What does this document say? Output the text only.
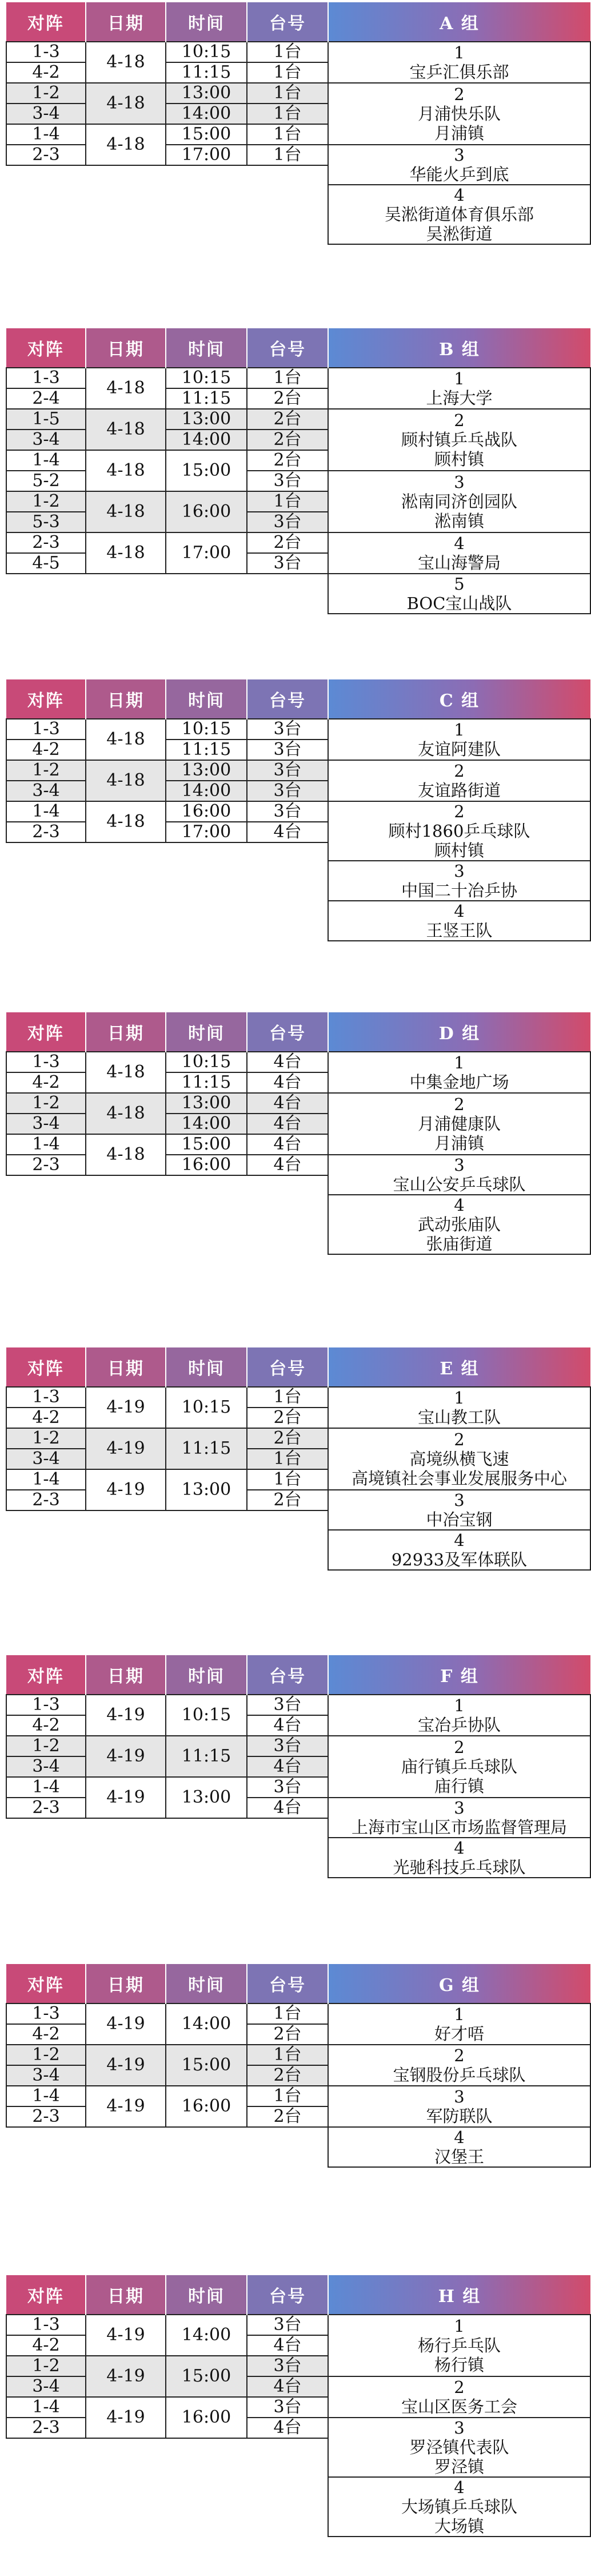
对阵	日期	时间	台号	A 组
1-3	4-18	10:15	1台	1
宝乒汇俱乐部

4-2		11:15	1台	
1-2	4-18	13:00	1台	2
月浦快乐队
月浦镇

3-4		14:00	1台	
1-4	4-18	15:00	1台	
2-3		17:00	1台	3
华能火乒到底

				4
吴淞街道体育俱乐部
吴淞街道

对阵	日期	时间	台号	B 组
1-3	4-18	10:15	1台	1
上海大学

2-4		11:15	2台	
1-5	4-18	13:00	2台	2
顾村镇乒乓战队
顾村镇

3-4		14:00	2台	
1-4	4-18	15:00	2台	
5-2			3台	3
淞南同济创园队
淞南镇

1-2	4-18	16:00	1台	
5-3			3台	
2-3	4-18	17:00	2台	4
宝山海警局

4-5			3台	

				5
BOC宝山战队

对阵	日期	时间	台号	C 组
1-3	4-18	10:15	3台	1
友谊阿建队

4-2		11:15	3台	
1-2	4-18	13:00	3台	2
友谊路街道

3-4		14:00	3台	
1-4	4-18	16:00	3台	2
顾村1860乒乓球队
顾村镇

2-3		17:00	4台	

				3
中国二十冶乒协

				4
王竖王队

对阵	日期	时间	台号	D 组
1-3	4-18	10:15	4台	1
中集金地广场

4-2		11:15	4台	
1-2	4-18	13:00	4台	2
月浦健康队
月浦镇

3-4		14:00	4台	
1-4	4-18	15:00	4台	
2-3		16:00	4台	3
宝山公安乒乓球队

				4
武动张庙队
张庙街道

对阵	日期	时间	台号	E 组
1-3	4-19	10:15	1台	1
宝山教工队

4-2			2台	
1-2	4-19	11:15	2台	2
高境纵横飞速
高境镇社会事业发展服务中心

3-4			1台	
1-4	4-19	13:00	1台	
2-3			2台	3
中冶宝钢

				4
92933及军体联队

对阵	日期	时间	台号	F 组
1-3	4-19	10:15	3台	1
宝冶乒协队

4-2			4台	
1-2	4-19	11:15	3台	2
庙行镇乒乓球队
庙行镇

3-4			4台	
1-4	4-19	13:00	3台	
2-3			4台	3
上海市宝山区市场监督管理局

				4
光驰科技乒乓球队

对阵	日期	时间	台号	G 组
1-3	4-19	14:00	1台	1
好才唔

4-2			2台	
1-2	4-19	15:00	1台	2
宝钢股份乒乓球队

3-4			2台	
1-4	4-19	16:00	1台	3
军防联队

2-3			2台	

				4
汉堡王

对阵	日期	时间	台号	H 组
1-3	4-19	14:00	3台	1
杨行乒乓队
杨行镇

4-2			4台	
1-2	4-19	15:00	3台	
3-4			4台	2
宝山区医务工会

1-4	4-19	16:00	3台	
2-3			4台	3
罗泾镇代表队
罗泾镇

				4
大场镇乒乓球队
大场镇
